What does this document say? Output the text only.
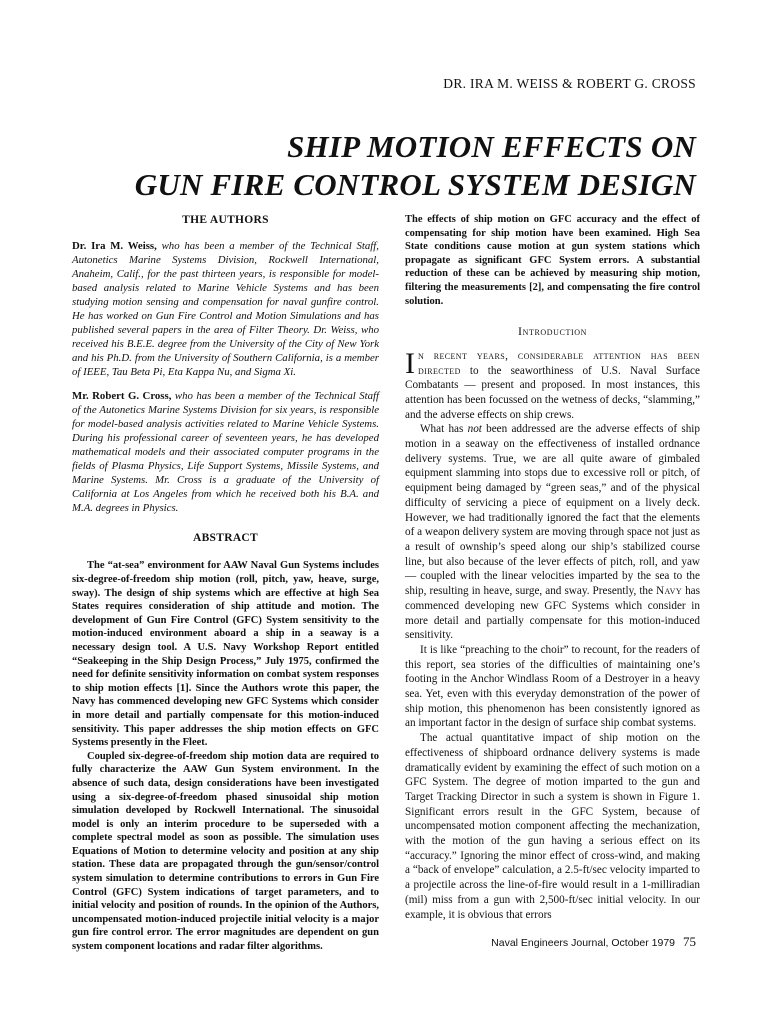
DR. IRA M. WEISS & ROBERT G. CROSS
SHIP MOTION EFFECTS ON
GUN FIRE CONTROL SYSTEM DESIGN
THE AUTHORS

Dr. Ira M. Weiss, who has been a member of the Technical Staff, Autonetics Marine Systems Division, Rockwell International, Anaheim, Calif., for the past thirteen years, is responsible for model-based analysis related to Marine Vehicle Systems and has been studying motion sensing and compensation for naval gunfire control. He has worked on Gun Fire Control and Motion Simulations and has published several papers in the area of Filter Theory. Dr. Weiss, who received his B.E.E. degree from the University of the City of New York and his Ph.D. from the University of Southern California, is a member of IEEE, Tau Beta Pi, Eta Kappa Nu, and Sigma Xi.

Mr. Robert G. Cross, who has been a member of the Technical Staff of the Autonetics Marine Systems Division for six years, is responsible for model-based analysis activities related to Marine Vehicle Systems. During his professional career of seventeen years, he has developed mathematical models and their associated computer programs in the fields of Plasma Physics, Life Support Systems, Missile Systems, and Marine Systems. Mr. Cross is a graduate of the University of California at Los Angeles from which he received both his B.A. and M.A. degrees in Physics.

ABSTRACT

The “at-sea” environment for AAW Naval Gun Systems includes six-degree-of-freedom ship motion (roll, pitch, yaw, heave, surge, sway). The design of ship systems which are effective at high Sea States requires consideration of ship attitude and motion. The development of Gun Fire Control (GFC) System sensitivity to the motion-induced environment aboard a ship in a seaway is a necessary design tool. A U.S. Navy Workshop Report entitled “Seakeeping in the Ship Design Process,” July 1975, confirmed the need for definite sensitivity information on combat system responses to ship motion effects [1]. Since the Authors wrote this paper, the Navy has commenced developing new GFC Systems which consider in more detail and partially compensate for this motion-induced sensitivity. This paper addresses the ship motion effects on GFC Systems presently in the Fleet.

Coupled six-degree-of-freedom ship motion data are required to fully characterize the AAW Gun System environment. In the absence of such data, design considerations have been investigated using a six-degree-of-freedom phased sinusoidal ship motion simulation developed by Rockwell International. The sinusoidal model is only an interim procedure to be superseded with a complete spectral model as soon as possible. The simulation uses Equations of Motion to determine velocity and position at any ship station. These data are propagated through the gun/sensor/control system simulation to determine contributions to errors in Gun Fire Control (GFC) System indications of target parameters, and to initial velocity and position of rounds. In the opinion of the Authors, uncompensated motion-induced projectile initial velocity is a major gun fire control error. The error magnitudes are dependent on gun system component locations and radar filter algorithms.

The effects of ship motion on GFC accuracy and the effect of compensating for ship motion have been examined. High Sea State conditions cause motion at gun system stations which propagate as significant GFC System errors. A substantial reduction of these can be achieved by measuring ship motion, filtering the measurements [2], and compensating the fire control solution.

Introduction

In recent years, considerable attention has been directed to the seaworthiness of U.S. Naval Surface Combatants — present and proposed. In most instances, this attention has been focussed on the wetness of decks, “slamming,” and the adverse effects on ship crews.

What has not been addressed are the adverse effects of ship motion in a seaway on the effectiveness of installed ordnance delivery systems. True, we are all quite aware of gimbaled equipment slamming into stops due to excessive roll or pitch, of equipment being damaged by “green seas,” and of the physical difficulty of servicing a piece of equipment on a lively deck. However, we had traditionally ignored the fact that the elements of a weapon delivery system are moving through space not just as a result of ownship’s speed along our ship’s stabilized course line, but also because of the lever effects of pitch, roll, and yaw — coupled with the linear velocities imparted by the sea to the ship, resulting in heave, surge, and sway. Presently, the Navy has commenced developing new GFC Systems which consider in more detail and partially compensate for this motion-induced sensitivity.

It is like “preaching to the choir” to recount, for the readers of this report, sea stories of the difficulties of maintaining one’s footing in the Anchor Windlass Room of a Destroyer in a heavy sea. Yet, even with this everyday demonstration of the power of ship motion, this phenomenon has been consistently ignored as an important factor in the design of surface ship combat systems.

The actual quantitative impact of ship motion on the effectiveness of shipboard ordnance delivery systems is made dramatically evident by examining the effect of such motion on a GFC System. The degree of motion imparted to the gun and Target Tracking Director in such a system is shown in Figure 1. Significant errors result in the GFC System, because of uncompensated motion component affecting the mechanization, with the motion of the gun having a serious effect on its “accuracy.” Ignoring the minor effect of cross-wind, and making a “back of envelope” calculation, a 2.5-ft/sec velocity imparted to a projectile across the line-of-fire would result in a 1-milliradian (mil) miss from a gun with 2,500-ft/sec initial velocity. In our example, it is obvious that errors

Naval Engineers Journal, October 1979 75
